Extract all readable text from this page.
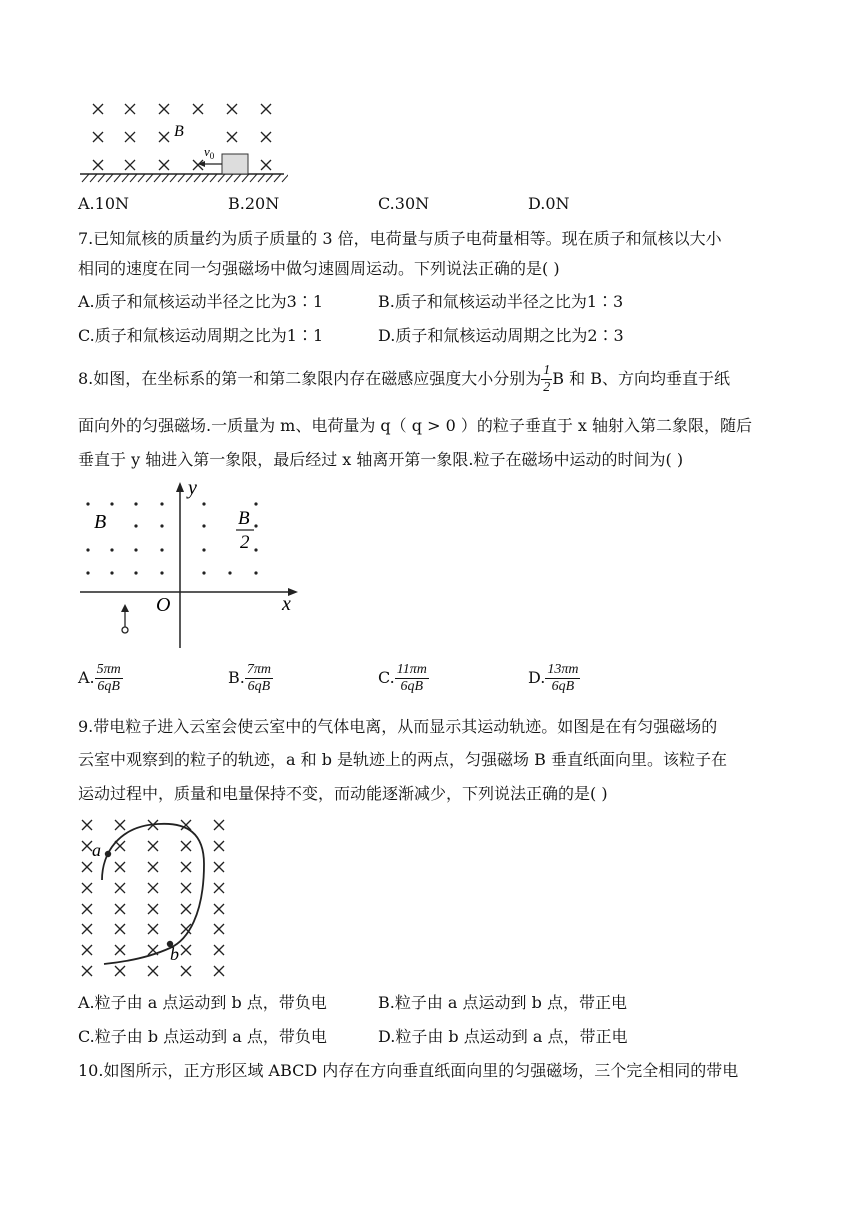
B
$v_0$
A.10N	B.20N	C.30N	D.0N
7.已知氚核的质量约为质子质量的 3 倍，电荷量与质子电荷量相等。现在质子和氚核以大小
相同的速度在同一匀强磁场中做匀速圆周运动。下列说法正确的是( )
A.质子和氚核运动半径之比为3∶1	B.质子和氚核运动半径之比为1∶3
C.质子和氚核运动周期之比为1∶1	D.质子和氚核运动周期之比为2∶3
8.如图，在坐标系的第一和第二象限内存在磁感应强度大小分别为 $\frac{1}{2}$ B 和 B、方向均垂直于纸
面向外的匀强磁场.一质量为 m、电荷量为 q（ q > 0 ）的粒子垂直于 x 轴射入第二象限，随后
垂直于 y 轴进入第一象限，最后经过 x 轴离开第一象限.粒子在磁场中运动的时间为( )
y
x
O
B	B
2
A. $\frac{5\pi m}{6qB}$	B. $\frac{7\pi m}{6qB}$	C. $\frac{11\pi m}{6qB}$	D. $\frac{13\pi m}{6qB}$
9.带电粒子进入云室会使云室中的气体电离，从而显示其运动轨迹。如图是在有匀强磁场的
云室中观察到的粒子的轨迹，a 和 b 是轨迹上的两点，匀强磁场 B 垂直纸面向里。该粒子在
运动过程中，质量和电量保持不变，而动能逐渐减少，下列说法正确的是( )
a
b
A.粒子由 a 点运动到 b 点，带负电	B.粒子由 a 点运动到 b 点，带正电
C.粒子由 b 点运动到 a 点，带负电	D.粒子由 b 点运动到 a 点，带正电
10.如图所示，正方形区域 ABCD 内存在方向垂直纸面向里的匀强磁场，三个完全相同的带电
